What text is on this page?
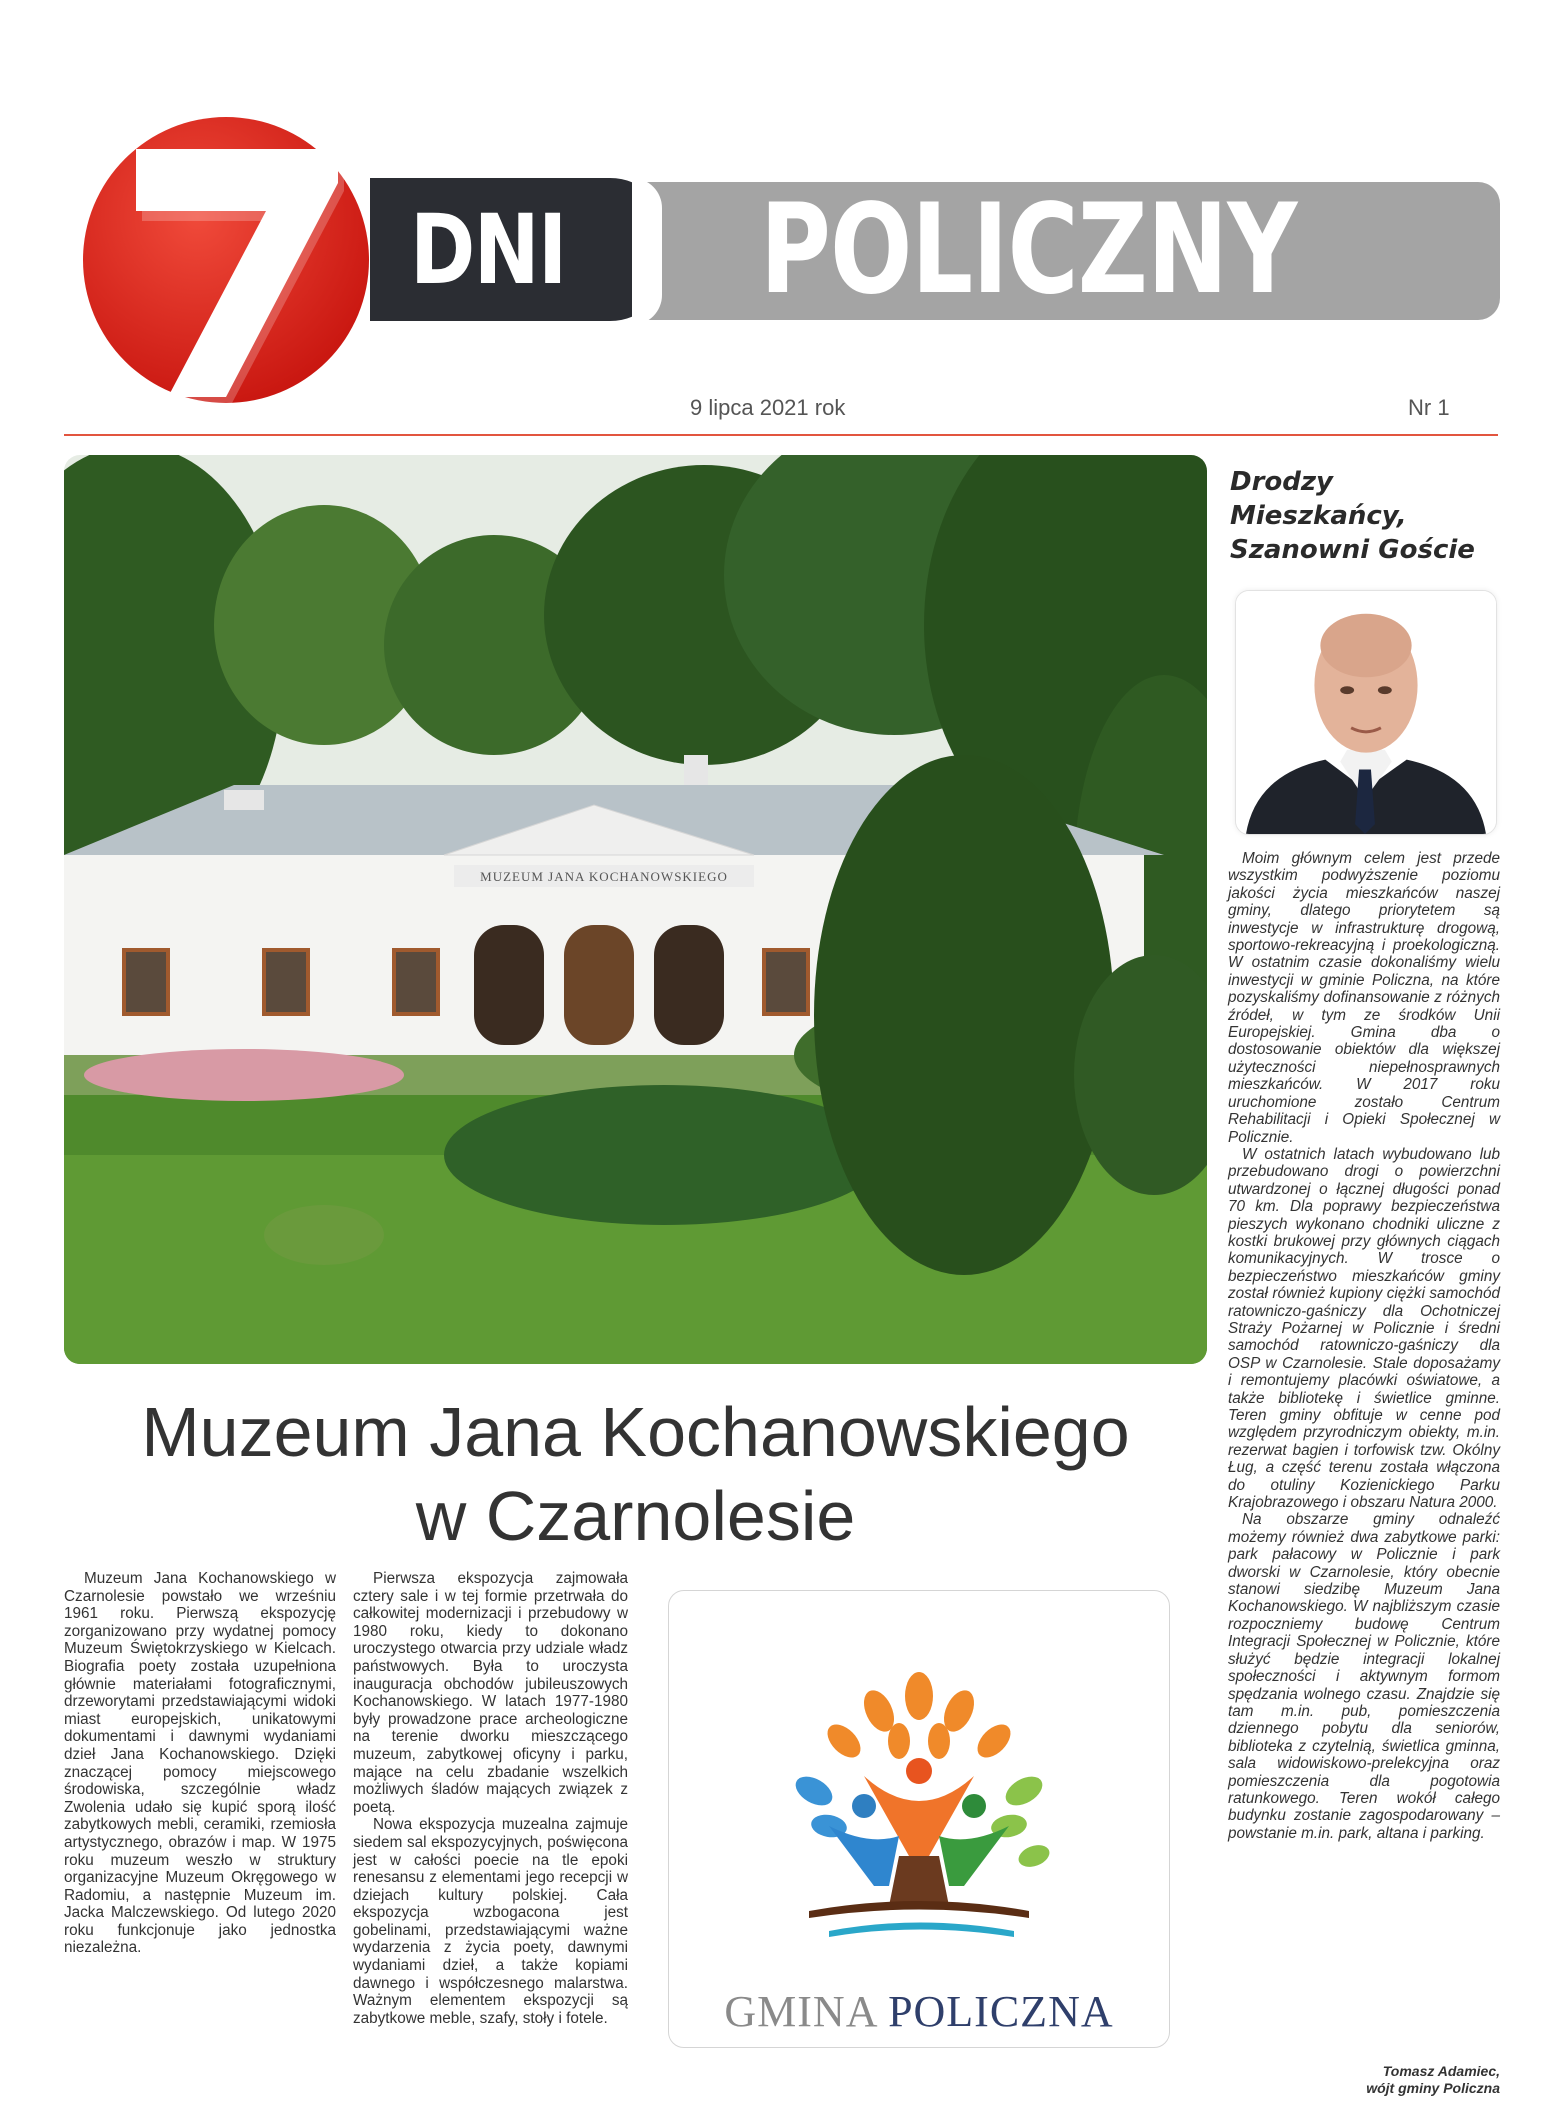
7 DNI POLICZNY
9 lipca 2021 rok	Nr 1
MUZEUM JANA KOCHANOWSKIEGO
Muzeum Jana Kochanowskiego
w Czarnolesie

Muzeum Jana Kochanowskiego w Czarnolesie powstało we wrześniu 1961 roku. Pierwszą ekspozycję zorganizowano przy wydatnej pomocy Muzeum Świętokrzyskiego w Kielcach. Biografia poety została uzupełniona głównie materiałami fotograficznymi, drzeworytami przedstawiającymi widoki miast europejskich, unikatowymi dokumentami i dawnymi wydaniami dzieł Jana Kochanowskiego. Dzięki znaczącej pomocy miejscowego środowiska, szczególnie władz Zwolenia udało się kupić sporą ilość zabytkowych mebli, ceramiki, rzemiosła artystycznego, obrazów i map. W 1975 roku muzeum weszło w struktury organizacyjne Muzeum Okręgowego w Radomiu, a następnie Muzeum im. Jacka Malczewskiego. Od lutego 2020 roku funkcjonuje jako jednostka niezależna.

Pierwsza ekspozycja zajmowała cztery sale i w tej formie przetrwała do całkowitej modernizacji i przebudowy w 1980 roku, kiedy to dokonano uroczystego otwarcia przy udziale władz państwowych. Była to uroczysta inauguracja obchodów jubileuszowych Kochanowskiego. W latach 1977-1980 były prowadzone prace archeologiczne na terenie dworku mieszczącego muzeum, zabytkowej oficyny i parku, mające na celu zbadanie wszelkich możliwych śladów mających związek z poetą.

Nowa ekspozycja muzealna zajmuje siedem sal ekspozycyjnych, poświęcona jest w całości poecie na tle epoki renesansu z elementami jego recepcji w dziejach kultury polskiej. Cała ekspozycja wzbogacona jest gobelinami, przedstawiającymi ważne wydarzenia z życia poety, dawnymi wydaniami dzieł, a także kopiami dawnego i współczesnego malarstwa. Ważnym elementem ekspozycji są zabytkowe meble, szafy, stoły i fotele.	GMINA POLICZNA
Drodzy
Mieszkańcy,
Szanowni Goście

Moim głównym celem jest przede wszystkim podwyższenie poziomu jakości życia mieszkańców naszej gminy, dlatego priorytetem są inwestycje w infrastrukturę drogową, sportowo-rekreacyjną i proekologiczną. W ostatnim czasie dokonaliśmy wielu inwestycji w gminie Policzna, na które pozyskaliśmy dofinansowanie z różnych źródeł, w tym ze środków Unii Europejskiej. Gmina dba o dostosowanie obiektów dla większej użyteczności niepełnosprawnych mieszkańców. W 2017 roku uruchomione zostało Centrum Rehabilitacji i Opieki Społecznej w Policznie.

W ostatnich latach wybudowano lub przebudowano drogi o powierzchni utwardzonej o łącznej długości ponad 70 km. Dla poprawy bezpieczeństwa pieszych wykonano chodniki uliczne z kostki brukowej przy głównych ciągach komunikacyjnych. W trosce o bezpieczeństwo mieszkańców gminy został również kupiony ciężki samochód ratowniczo-gaśniczy dla Ochotniczej Straży Pożarnej w Policznie i średni samochód ratowniczo-gaśniczy dla OSP w Czarnolesie. Stale doposażamy i remontujemy placówki oświatowe, a także bibliotekę i świetlice gminne. Teren gminy obfituje w cenne pod względem przyrodniczym obiekty, m.in. rezerwat bagien i torfowisk tzw. Okólny Ług, a część terenu została włączona do otuliny Kozienickiego Parku Krajobrazowego i obszaru Natura 2000.

Na obszarze gminy odnaleźć możemy również dwa zabytkowe parki: park pałacowy w Policznie i park dworski w Czarnolesie, który obecnie stanowi siedzibę Muzeum Jana Kochanowskiego. W najbliższym czasie rozpoczniemy budowę Centrum Integracji Społecznej w Policznie, które służyć będzie integracji lokalnej społeczności i aktywnym formom spędzania wolnego czasu. Znajdzie się tam m.in. pub, pomieszczenia dziennego pobytu dla seniorów, biblioteka z czytelnią, świetlica gminna, sala widowiskowo-prelekcyjna oraz pomieszczenia dla pogotowia ratunkowego. Teren wokół całego budynku zostanie zagospodarowany – powstanie m.in. park, altana i parking.

Tomasz Adamiec,
wójt gminy Policzna
